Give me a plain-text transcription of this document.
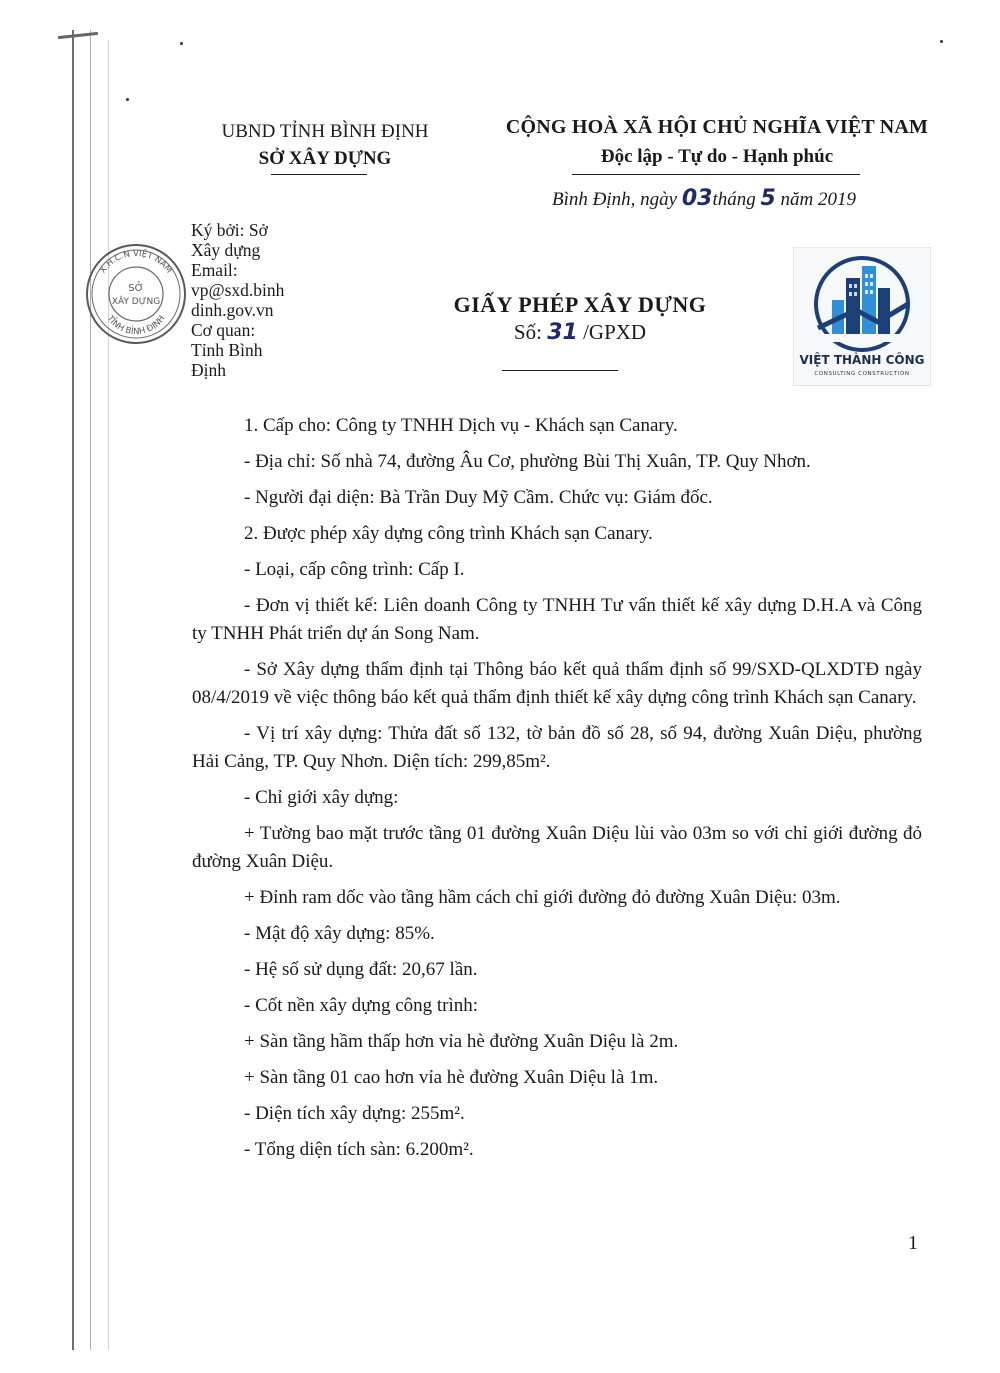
UBND TỈNH BÌNH ĐỊNH
SỞ XÂY DỰNG
CỘNG HOÀ XÃ HỘI CHỦ NGHĨA VIỆT NAM
Độc lập - Tự do - Hạnh phúc
Bình Định, ngày 03tháng 5 năm 2019
X.H.C.N VIỆT NAM
TỈNH BÌNH ĐỊNH
SỞ
XÂY DỰNG
Ký bởi: Sở
Xây dựng
Email:
vp@sxd.binh
dinh.gov.vn
Cơ quan:
Tỉnh Bình
Định
GIẤY PHÉP XÂY DỰNG
Số: 31 /GPXD
VIỆT THÀNH CÔNG
CONSULTING CONSTRUCTION

1. Cấp cho: Công ty TNHH Dịch vụ - Khách sạn Canary.

- Địa chỉ: Số nhà 74, đường Âu Cơ, phường Bùi Thị Xuân, TP. Quy Nhơn.

- Người đại diện: Bà Trần Duy Mỹ Cầm. Chức vụ: Giám đốc.

2. Được phép xây dựng công trình Khách sạn Canary.

- Loại, cấp công trình: Cấp I.

- Đơn vị thiết kế: Liên doanh Công ty TNHH Tư vấn thiết kế xây dựng D.H.A và Công ty TNHH Phát triển dự án Song Nam.

- Sở Xây dựng thẩm định tại Thông báo kết quả thẩm định số 99/SXD-QLXDTĐ ngày 08/4/2019 về việc thông báo kết quả thẩm định thiết kế xây dựng công trình Khách sạn Canary.

- Vị trí xây dựng: Thửa đất số 132, tờ bản đồ số 28, số 94, đường Xuân Diệu, phường Hải Cảng, TP. Quy Nhơn. Diện tích: 299,85m².

- Chỉ giới xây dựng:

+ Tường bao mặt trước tầng 01 đường Xuân Diệu lùi vào 03m so với chỉ giới đường đỏ đường Xuân Diệu.

+ Đỉnh ram dốc vào tầng hầm cách chỉ giới đường đỏ đường Xuân Diệu: 03m.

- Mật độ xây dựng: 85%.

- Hệ số sử dụng đất: 20,67 lần.

- Cốt nền xây dựng công trình:

+ Sàn tầng hầm thấp hơn vỉa hè đường Xuân Diệu là 2m.

+ Sàn tầng 01 cao hơn vỉa hè đường Xuân Diệu là 1m.

- Diện tích xây dựng: 255m².

- Tổng diện tích sàn: 6.200m².

1
